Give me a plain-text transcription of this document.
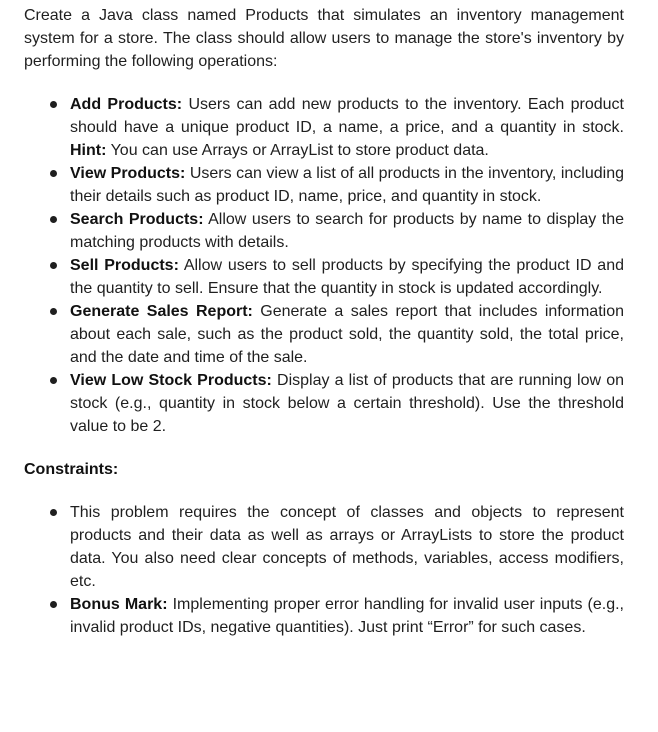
Create a Java class named Products that simulates an inventory management system for a store. The class should allow users to manage the store's inventory by performing the following operations:

Add Products: Users can add new products to the inventory. Each product should have a unique product ID, a name, a price, and a quantity in stock. Hint: You can use Arrays or ArrayList to store product data.
View Products: Users can view a list of all products in the inventory, including their details such as product ID, name, price, and quantity in stock.
Search Products: Allow users to search for products by name to display the matching products with details.
Sell Products: Allow users to sell products by specifying the product ID and the quantity to sell. Ensure that the quantity in stock is updated accordingly.
Generate Sales Report: Generate a sales report that includes information about each sale, such as the product sold, the quantity sold, the total price, and the date and time of the sale.
View Low Stock Products: Display a list of products that are running low on stock (e.g., quantity in stock below a certain threshold). Use the threshold value to be 2.

Constraints:

This problem requires the concept of classes and objects to represent products and their data as well as arrays or ArrayLists to store the product data. You also need clear concepts of methods, variables, access modifiers, etc.
Bonus Mark: Implementing proper error handling for invalid user inputs (e.g., invalid product IDs, negative quantities). Just print “Error” for such cases.
